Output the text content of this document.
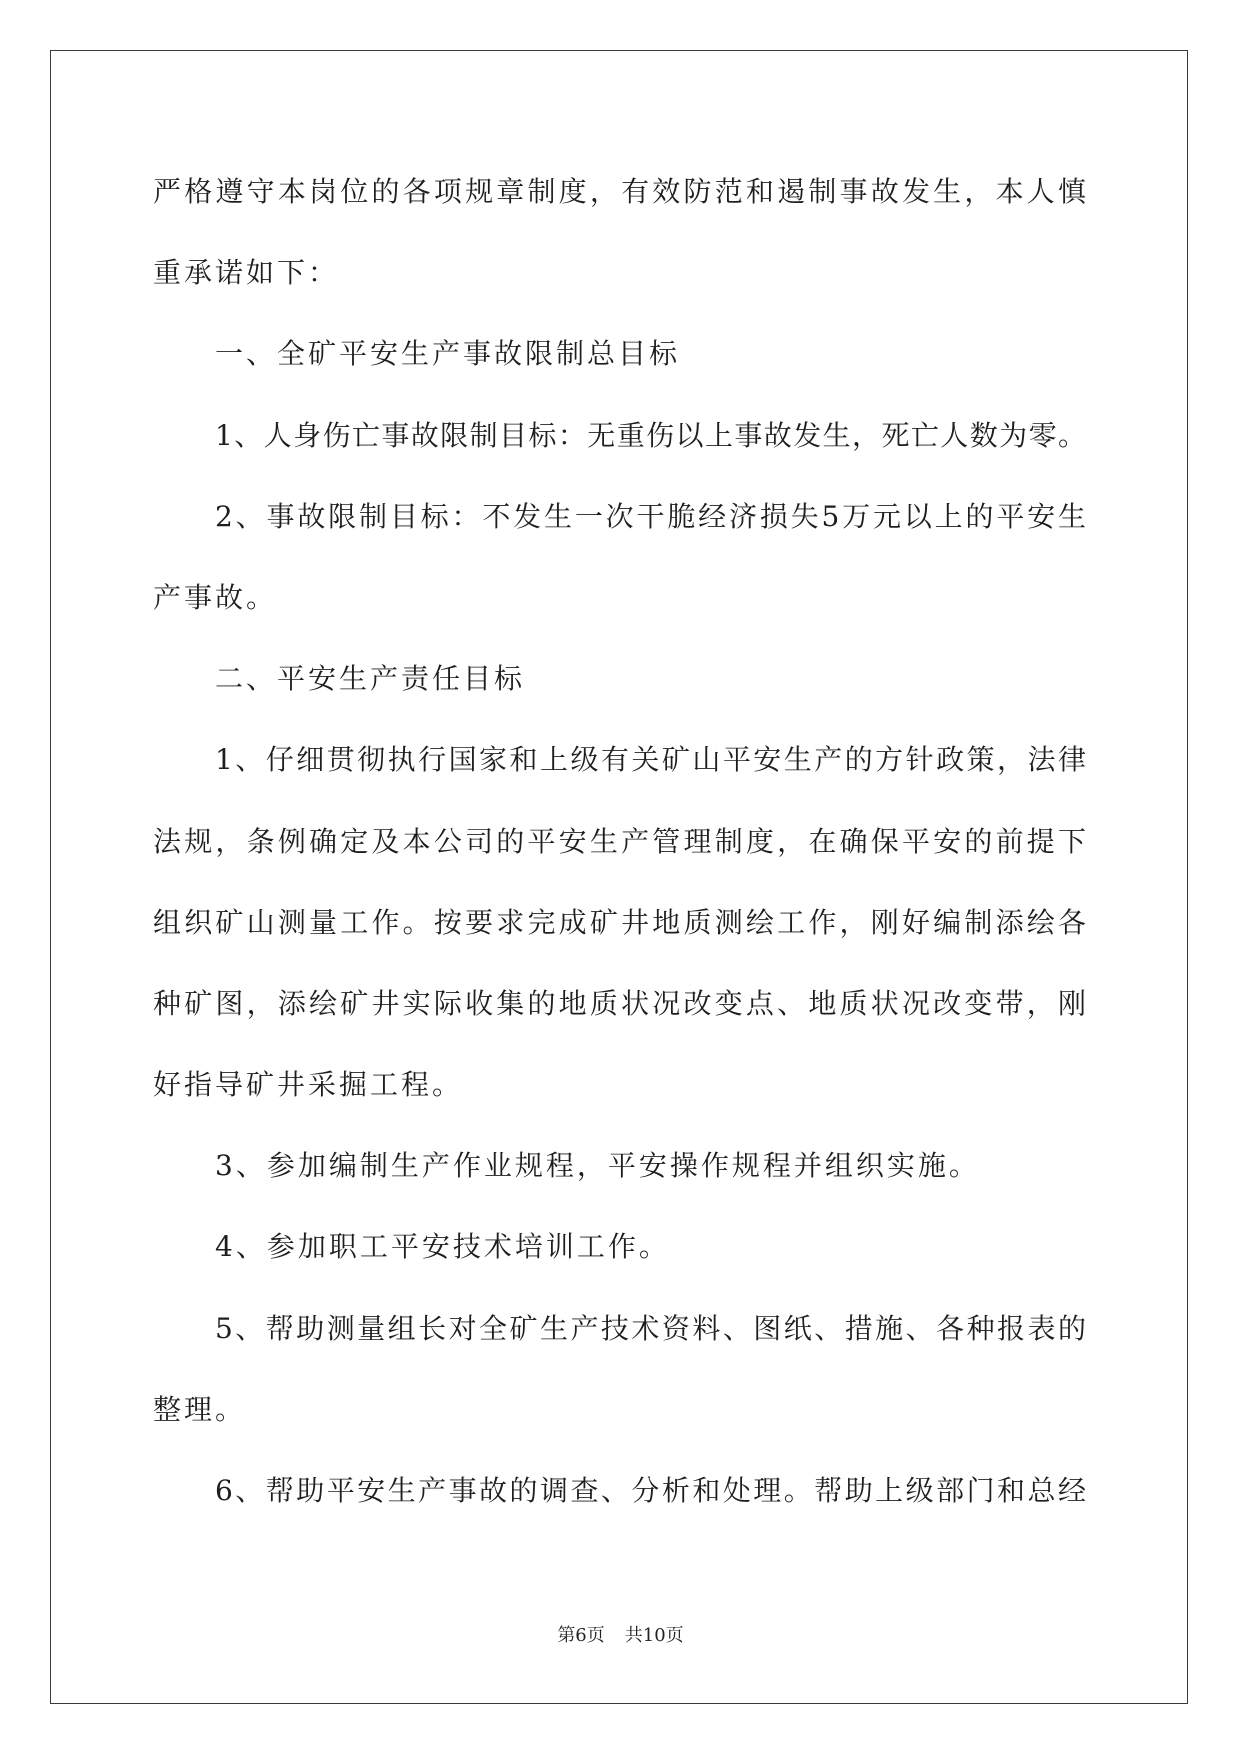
严格遵守本岗位的各项规章制度，有效防范和遏制事故发生，本人慎
重承诺如下：
一、全矿平安生产事故限制总目标
1、人身伤亡事故限制目标：无重伤以上事故发生，死亡人数为零。
2、事故限制目标：不发生一次干脆经济损失5万元以上的平安生
产事故。
二、平安生产责任目标
1、仔细贯彻执行国家和上级有关矿山平安生产的方针政策，法律
法规，条例确定及本公司的平安生产管理制度，在确保平安的前提下
组织矿山测量工作。按要求完成矿井地质测绘工作，刚好编制添绘各
种矿图，添绘矿井实际收集的地质状况改变点、地质状况改变带，刚
好指导矿井采掘工程。
3、参加编制生产作业规程，平安操作规程并组织实施。
4、参加职工平安技术培训工作。
5、帮助测量组长对全矿生产技术资料、图纸、措施、各种报表的
整理。
6、帮助平安生产事故的调查、分析和处理。帮助上级部门和总经
第6页 共10页
